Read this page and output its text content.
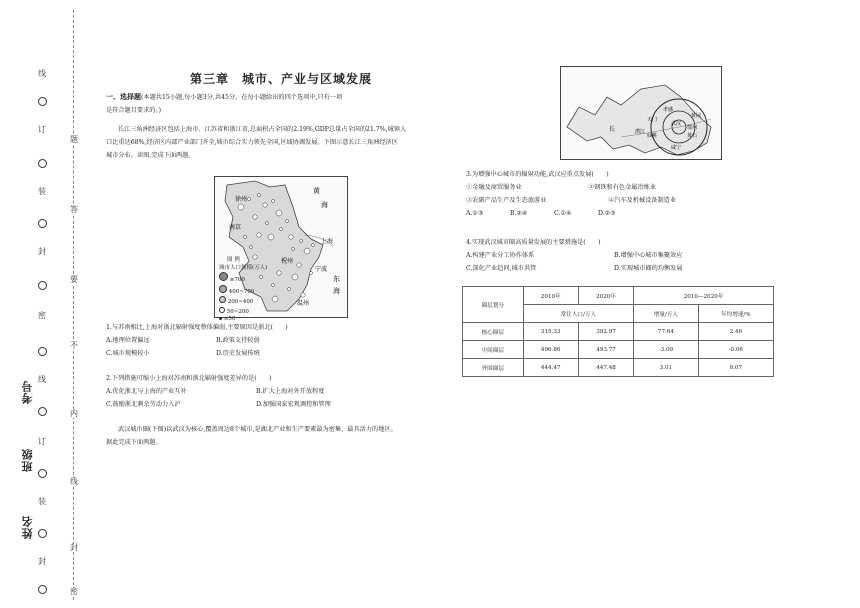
线
订
装
封
密
线
订
装
封
题
答
要
不
内
线
封
密
考号
班级
姓名
第三章　城市、产业与区域发展
一、选择题(本题共15小题,每小题3分,共45分。在每小题给出的四个选项中,只有一项
是符合题目要求的。)
长江三角洲经济区包括上海市、江苏省和浙江省,总面积占全国的2.19%,GDP总量占全国的21.7%,城镇人
口比重达68%,经济区内部产业部门齐全,城市综合实力领先全国,区域协调发展。下图示意长江三角洲经济区
城市分布。读图,完成下面两题。
徐州
黄
海
南京
上海
杭州
宁波
东
海
温州
图 例
城市人口规模(万人)
≥700
400~700
200~400
50~200
≤50
1.与苏南相比,上海对浙北辐射强度整体偏弱,主要原因是浙北(　　)
A.地理位置偏远	B.政策支持较弱
C.城市规模较小	D.历史发展传统
2.下列措施可缩小上海对苏南和浙北辐射强度差异的是(　　)
A.优化浙北与上海的产业互补	B.扩大上海对外开放程度
C.鼓励浙北剩余劳动力入沪	D.加强国家宏观调控和管理
武汉城市圈(下图)以武汉为核心,覆盖周边8个城市,是湖北产业和生产要素最为密集、最具活力的地区。
据此完成下面两题。
长
孝感
武汉
鄂州
黄石
咸宁
仙桃
天门
潜江
黄冈
3.为增强中心城市的辐射功能,武汉应重点发展(　　)
①金融及商贸服务业	②钢铁和有色金属冶炼业
③农副产品生产及生态旅游业	④汽车及机械设备制造业
A.①③	B.②④	C.①④	D.②③
4.实现武汉城市圈高质量发展的主要措施是(　　)
A.构建产业分工协作体系	B.增强中心城市集聚效应
C.深化产业趋同,城市共管	D.实现城市圈的均衡发展
圈层划分	2010年	2020年	2010—2020年	
	常住人口/万人		增量/万人	年均增速/%
核心圈层	315.33	392.97	77.64	2.46
中间圈层	496.86	493.77	-3.09	-0.06
外围圈层	444.47	447.48	3.01	0.07
